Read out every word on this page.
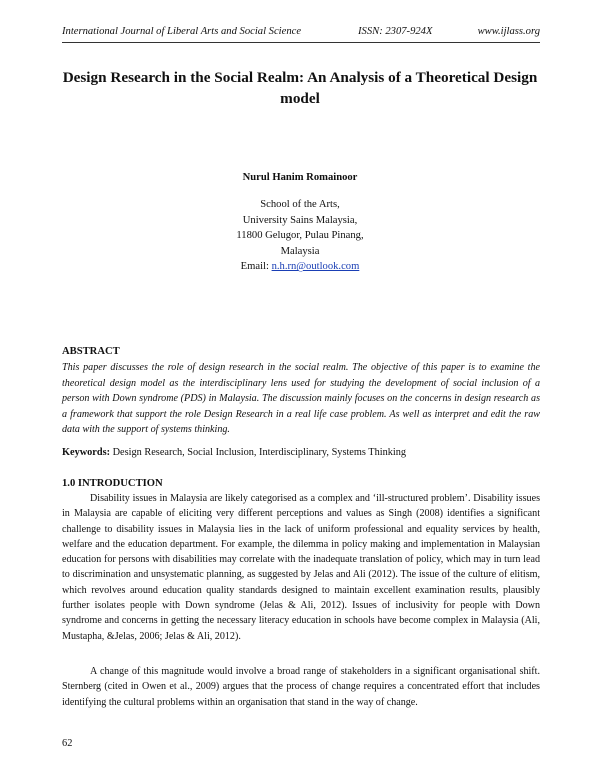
International Journal of Liberal Arts and Social Science	ISSN: 2307-924X	www.ijlass.org
Design Research in the Social Realm: An Analysis of a Theoretical Design model
Nurul Hanim Romainoor
School of the Arts,
University Sains Malaysia,
11800 Gelugor, Pulau Pinang,
Malaysia
Email: n.h.rn@outlook.com
ABSTRACT
This paper discusses the role of design research in the social realm. The objective of this paper is to examine the theoretical design model as the interdisciplinary lens used for studying the development of social inclusion of a person with Down syndrome (PDS) in Malaysia. The discussion mainly focuses on the concerns in design research as a framework that support the role Design Research in a real life case problem. As well as interpret and edit the raw data with the support of systems thinking.
Keywords: Design Research, Social Inclusion, Interdisciplinary, Systems Thinking
1.0 INTRODUCTION

Disability issues in Malaysia are likely categorised as a complex and ‘ill-structured problem’. Disability issues in Malaysia are capable of eliciting very different perceptions and values as Singh (2008) identifies a significant challenge to disability issues in Malaysia lies in the lack of uniform professional and equality services by health, welfare and the education department. For example, the dilemma in policy making and implementation in Malaysian education for persons with disabilities may correlate with the inadequate translation of policy, which may in turn lead to discrimination and unsystematic planning, as suggested by Jelas and Ali (2012). The issue of the culture of elitism, which revolves around education quality standards designed to maintain excellent examination results, plausibly further isolates people with Down syndrome (Jelas & Ali, 2012). Issues of inclusivity for people with Down syndrome and concerns in getting the necessary literacy education in schools have become complex in Malaysia (Ali, Mustapha, &Jelas, 2006; Jelas & Ali, 2012).

A change of this magnitude would involve a broad range of stakeholders in a significant organisational shift. Sternberg (cited in Owen et al., 2009) argues that the process of change requires a concentrated effort that includes identifying the cultural problems within an organisation that stand in the way of change.

62
